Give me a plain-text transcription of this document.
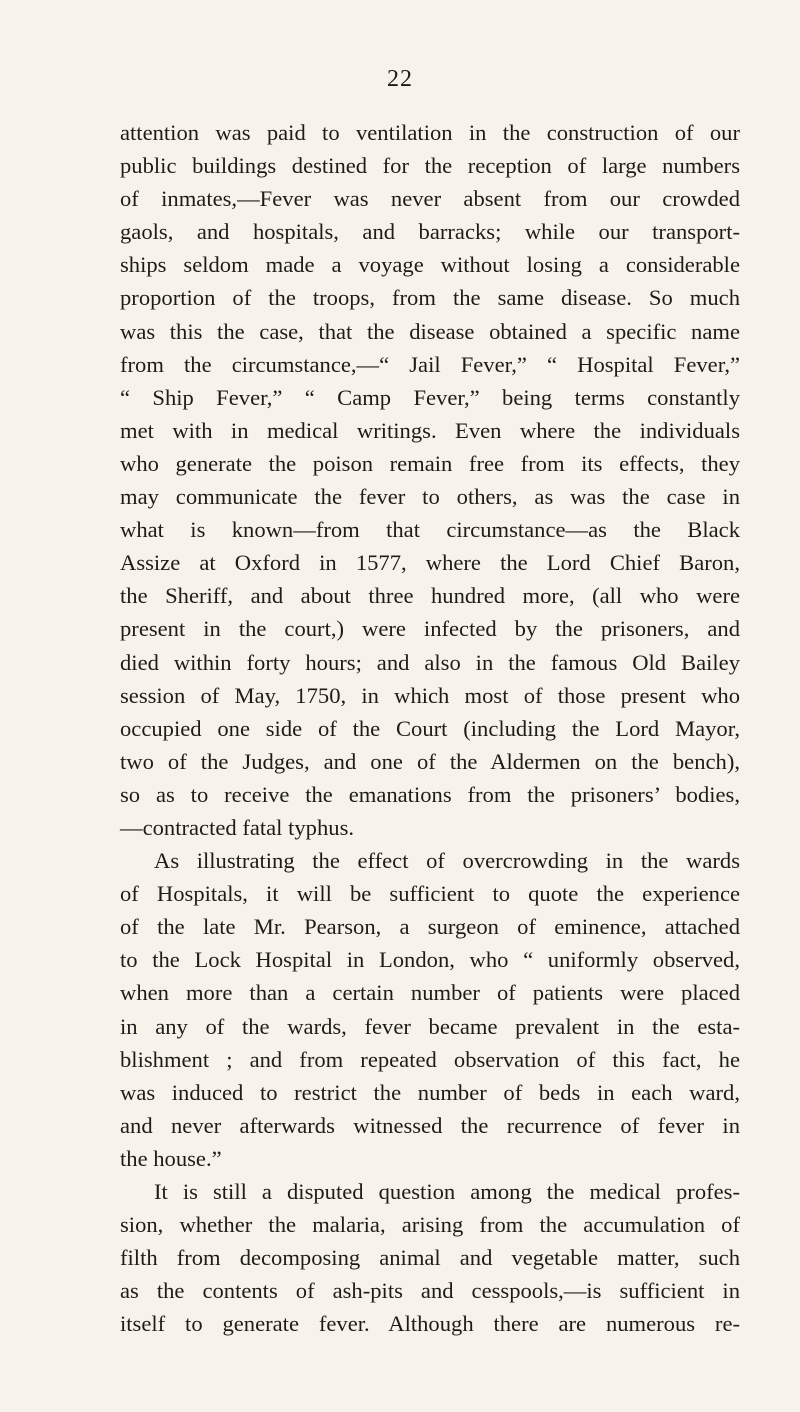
22
attention was paid to ventilation in the construction of our
public buildings destined for the reception of large numbers
of inmates,—Fever was never absent from our crowded
gaols, and hospitals, and barracks; while our transport-
ships seldom made a voyage without losing a considerable
proportion of the troops, from the same disease. So much
was this the case, that the disease obtained a specific name
from the circumstance,—“ Jail Fever,” “ Hospital Fever,”
“ Ship Fever,” “ Camp Fever,” being terms constantly
met with in medical writings. Even where the individuals
who generate the poison remain free from its effects, they
may communicate the fever to others, as was the case in
what is known—from that circumstance—as the Black
Assize at Oxford in 1577, where the Lord Chief Baron,
the Sheriff, and about three hundred more, (all who were
present in the court,) were infected by the prisoners, and
died within forty hours; and also in the famous Old Bailey
session of May, 1750, in which most of those present who
occupied one side of the Court (including the Lord Mayor,
two of the Judges, and one of the Aldermen on the bench),
so as to receive the emanations from the prisoners’ bodies,
—contracted fatal typhus.
As illustrating the effect of overcrowding in the wards
of Hospitals, it will be sufficient to quote the experience
of the late Mr. Pearson, a surgeon of eminence, attached
to the Lock Hospital in London, who “ uniformly observed,
when more than a certain number of patients were placed
in any of the wards, fever became prevalent in the esta-
blishment ; and from repeated observation of this fact, he
was induced to restrict the number of beds in each ward,
and never afterwards witnessed the recurrence of fever in
the house.”
It is still a disputed question among the medical profes-
sion, whether the malaria, arising from the accumulation of
filth from decomposing animal and vegetable matter, such
as the contents of ash-pits and cesspools,—is sufficient in
itself to generate fever. Although there are numerous re-
